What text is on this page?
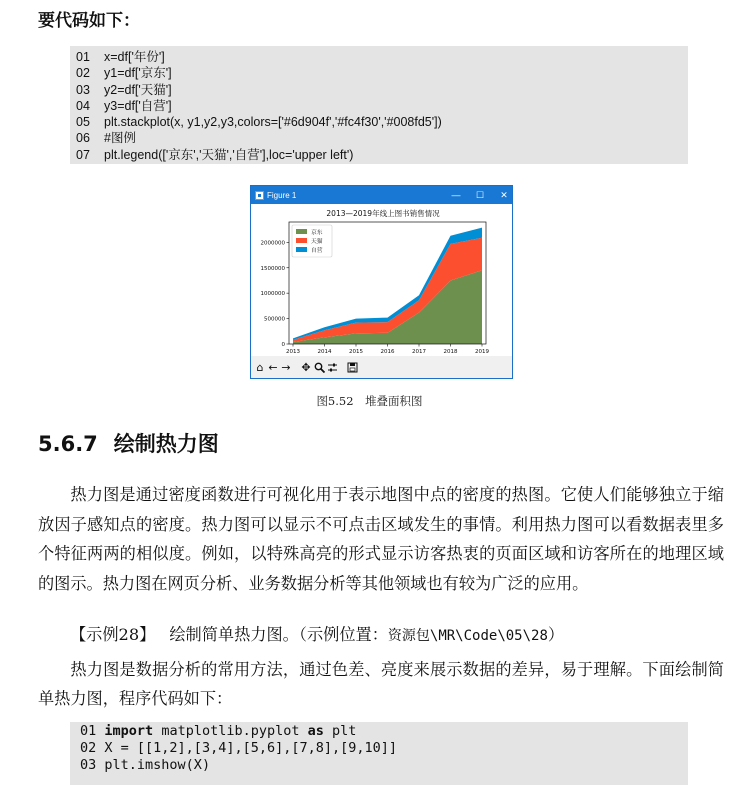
要代码如下：
01 x=df['年份']
02 y1=df['京东']
03 y2=df['天猫']
04 y3=df['自营']
05 plt.stackplot(x, y1,y2,y3,colors=['#6d904f','#fc4f30','#008fd5'])
06 #图例
07 plt.legend(['京东','天猫','自营'],loc='upper left')
Figure 1	— ☐ ✕
2013—2019年线上图书销售情况
2013	2014	2015	2016	2017	2018	2019
0
500000
1000000
1500000
2000000
京东
天猫
自营
⌂ ← → ✥
图5.52　堆叠面积图
5.6.7 绘制热力图
热力图是通过密度函数进行可视化用于表示地图中点的密度的热图。它使人们能够独立于缩放因子感知点的密度。热力图可以显示不可点击区域发生的事情。利用热力图可以看数据表里多个特征两两的相似度。例如，以特殊高亮的形式显示访客热衷的页面区域和访客所在的地理区域的图示。热力图在网页分析、业务数据分析等其他领域也有较为广泛的应用。
【示例28】 绘制简单热力图。（示例位置：资源包\MR\Code\05\28）
热力图是数据分析的常用方法，通过色差、亮度来展示数据的差异，易于理解。下面绘制简单热力图，程序代码如下：
01 import matplotlib.pyplot as plt
02 X = [[1,2],[3,4],[5,6],[7,8],[9,10]]
03 plt.imshow(X)
